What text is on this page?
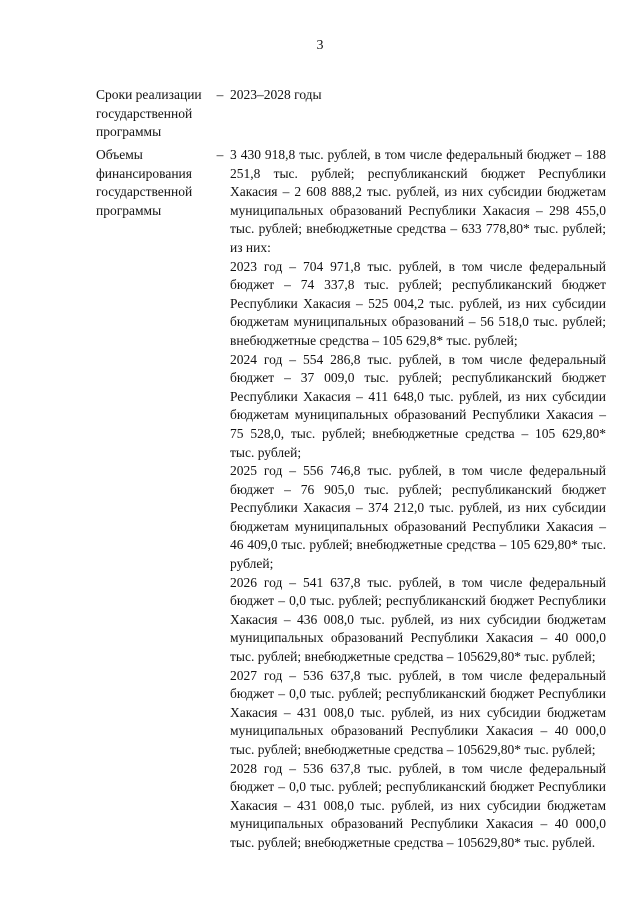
3
Сроки реализации государственной программы
– 2023–2028 годы

Объемы финансирования государственной программы
– 3 430 918,8 тыс. рублей, в том числе федеральный бюджет – 188 251,8 тыс. рублей; республиканский бюджет Республики Хакасия – 2 608 888,2 тыс. рублей, из них субсидии бюджетам муниципальных образований Республики Хакасия – 298 455,0 тыс. рублей; внебюджетные средства – 633 778,80* тыс. рублей; из них:

2023 год – 704 971,8 тыс. рублей, в том числе федеральный бюджет – 74 337,8 тыс. рублей; республиканский бюджет Республики Хакасия – 525 004,2 тыс. рублей, из них субсидии бюджетам муниципальных образований – 56 518,0 тыс. рублей; внебюджетные средства – 105 629,8* тыс. рублей;

2024 год – 554 286,8 тыс. рублей, в том числе федеральный бюджет – 37 009,0 тыс. рублей; республиканский бюджет Республики Хакасия – 411 648,0 тыс. рублей, из них субсидии бюджетам муниципальных образований Республики Хакасия – 75 528,0, тыс. рублей; внебюджетные средства – 105 629,80* тыс. рублей;

2025 год – 556 746,8 тыс. рублей, в том числе федеральный бюджет – 76 905,0 тыс. рублей; республиканский бюджет Республики Хакасия – 374 212,0 тыс. рублей, из них субсидии бюджетам муниципальных образований Республики Хакасия – 46 409,0 тыс. рублей; внебюджетные средства – 105 629,80* тыс. рублей;

2026 год – 541 637,8 тыс. рублей, в том числе федеральный бюджет – 0,0 тыс. рублей; республиканский бюджет Республики Хакасия – 436 008,0 тыс. рублей, из них субсидии бюджетам муниципальных образований Республики Хакасия – 40 000,0 тыс. рублей; внебюджетные средства – 105629,80* тыс. рублей;

2027 год – 536 637,8 тыс. рублей, в том числе федеральный бюджет – 0,0 тыс. рублей; республиканский бюджет Республики Хакасия – 431 008,0 тыс. рублей, из них субсидии бюджетам муниципальных образований Республики Хакасия – 40 000,0 тыс. рублей; внебюджетные средства – 105629,80* тыс. рублей;

2028 год – 536 637,8 тыс. рублей, в том числе федеральный бюджет – 0,0 тыс. рублей; республиканский бюджет Республики Хакасия – 431 008,0 тыс. рублей, из них субсидии бюджетам муниципальных образований Республики Хакасия – 40 000,0 тыс. рублей; внебюджетные средства – 105629,80* тыс. рублей.
